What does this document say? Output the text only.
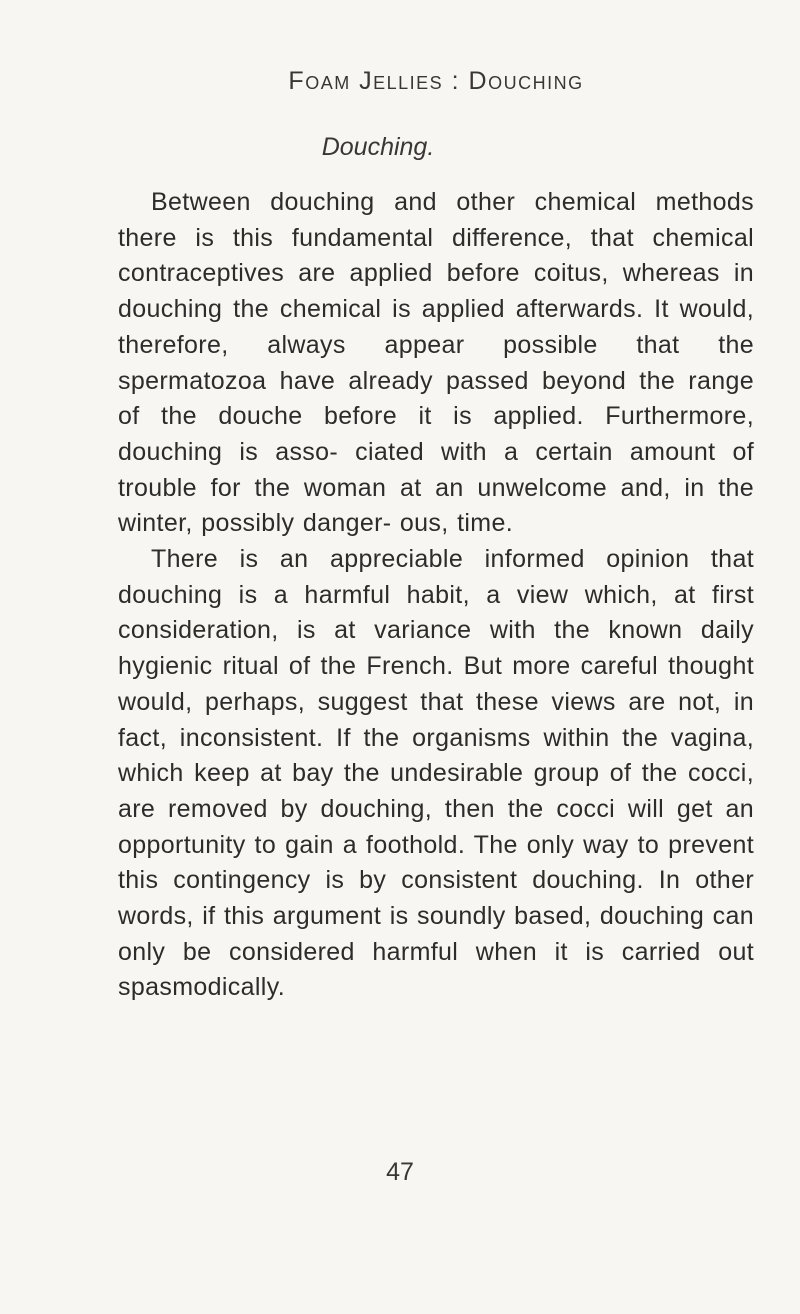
Foam Jellies : Douching
Douching.

Between douching and other chemical methods there is this fundamental difference, that chemical contraceptives are applied before coitus, whereas in douching the chemical is applied afterwards. It would, therefore, always appear possible that the spermatozoa have already passed beyond the range of the douche before it is applied. Furthermore, douching is asso- ciated with a certain amount of trouble for the woman at an unwelcome and, in the winter, possibly danger- ous, time.

There is an appreciable informed opinion that douching is a harmful habit, a view which, at first consideration, is at variance with the known daily hygienic ritual of the French. But more careful thought would, perhaps, suggest that these views are not, in fact, inconsistent. If the organisms within the vagina, which keep at bay the undesirable group of the cocci, are removed by douching, then the cocci will get an opportunity to gain a foothold. The only way to prevent this contingency is by consistent douching. In other words, if this argument is soundly based, douching can only be considered harmful when it is carried out spasmodically.

47
